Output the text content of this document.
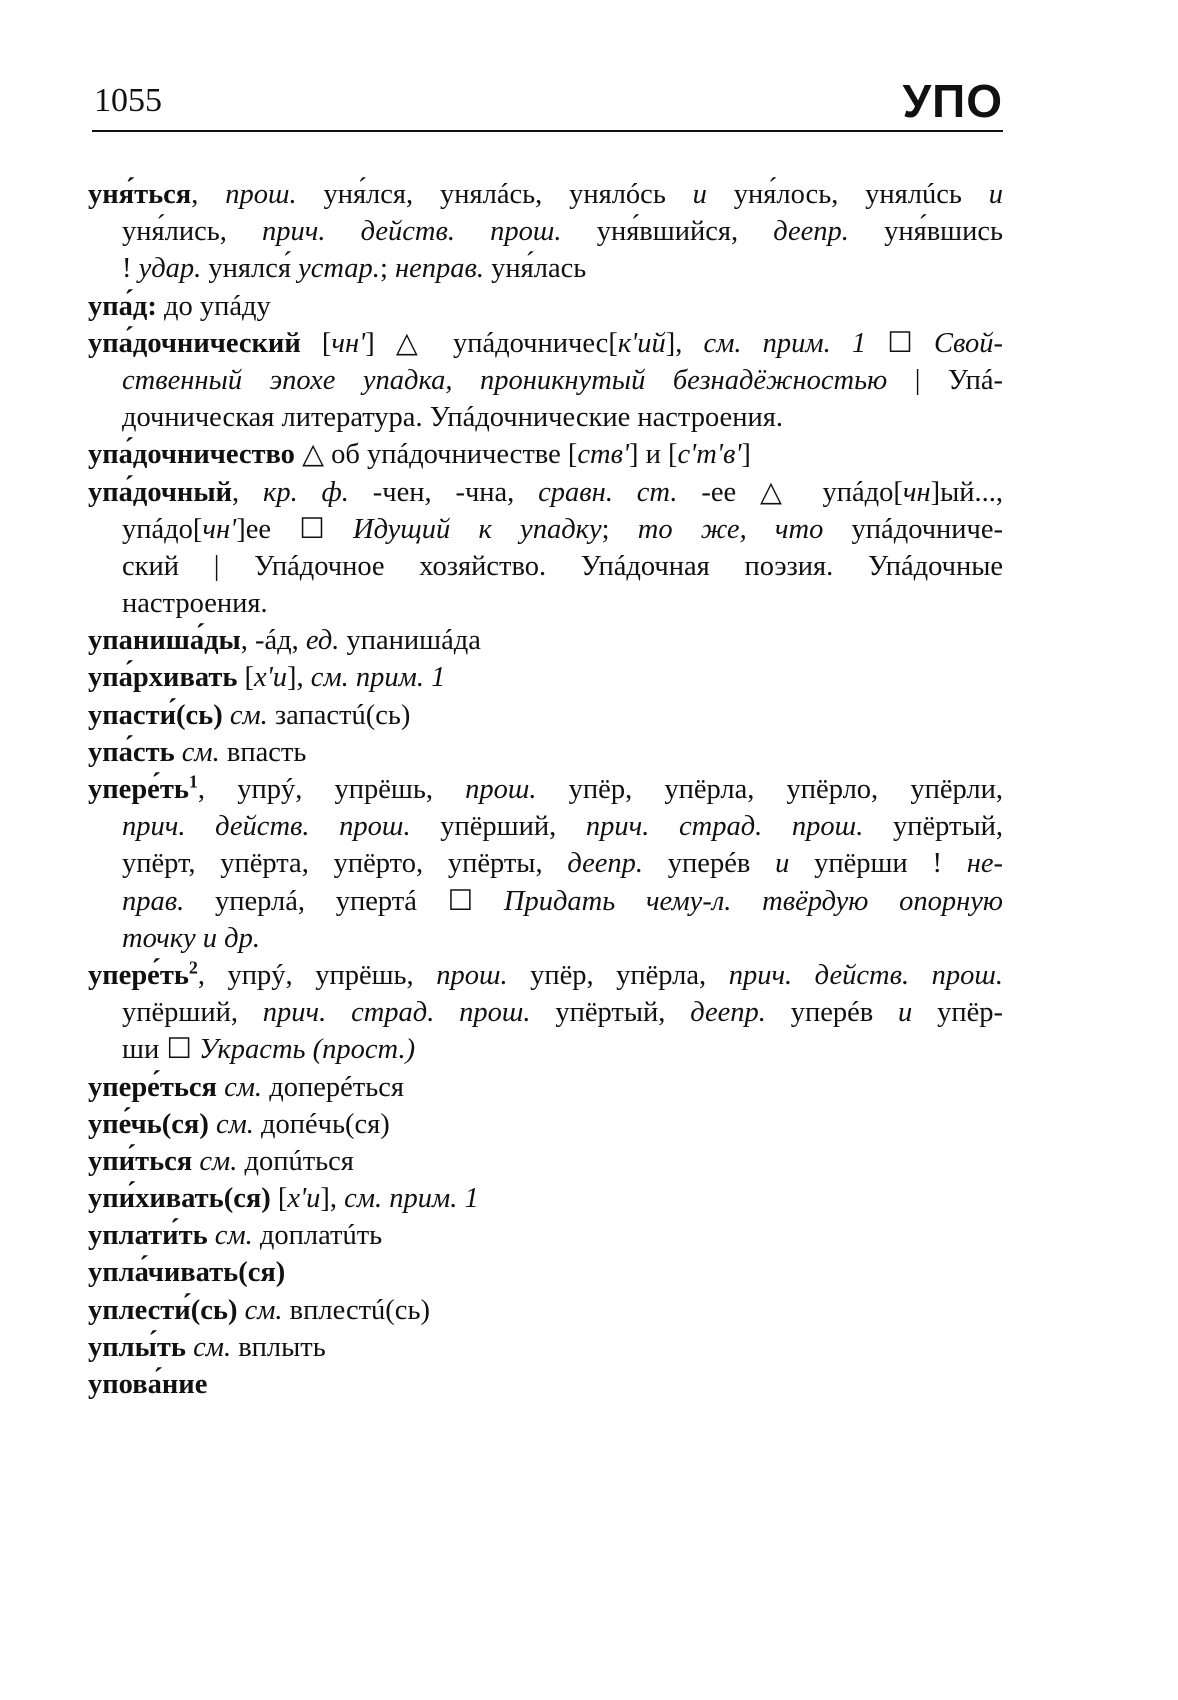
1055	УПО
уня́ться, прош. уня́лся, унялáсь, унялóсь и уня́лось, унялúсь и
уня́лись, прич. действ. прош. уня́вшийся, деепр. уня́вшись
! удар. унялся́ устар.; неправ. уня́лась
упа́д: до упáду
упа́дочнический [чн'] △ упáдочничес[к'ий], см. прим. 1 ☐ Свой-
ственный эпохе упадка, проникнутый безнадёжностью | Упá-
дочническая литература. Упáдочнические настроения.
упа́дочничество △ об упáдочничестве [ств'] и [с'т'в']
упа́дочный, кр. ф. -чен, -чна, сравн. ст. -ее △ упáдо[чн]ый...,
упáдо[чн']ее ☐ Идущий к упадку; то же, что упáдочниче-
ский | Упáдочное хозяйство. Упáдочная поэзия. Упáдочные
настроения.
упаниша́ды, -áд, ед. упанишáда
упа́рхивать [х'и], см. прим. 1
упасти́(сь) см. запастú(сь)
упа́сть см. впасть
$упере́ть^1$, упрý, упрёшь, прош. упёр, упёрла, упёрло, упёрли,
прич. действ. прош. упёрший, прич. страд. прош. упёртый,
упёрт, упёрта, упёрто, упёрты, деепр. уперéв и упёрши ! не-
прав. уперлá, упертá ☐ Придать чему-л. твёрдую опорную
точку и др.
$упере́ть^2$, упрý, упрёшь, прош. упёр, упёрла, прич. действ. прош.
упёрший, прич. страд. прош. упёртый, деепр. уперéв и упёр-
ши ☐ Украсть (прост.)
упере́ться см. доперéться
упе́чь(ся) см. допéчь(ся)
упи́ться см. допúться
упи́хивать(ся) [х'и], см. прим. 1
уплати́ть см. доплатúть
упла́чивать(ся)
уплести́(сь) см. вплестú(сь)
уплы́ть см. вплыть
упова́ние
